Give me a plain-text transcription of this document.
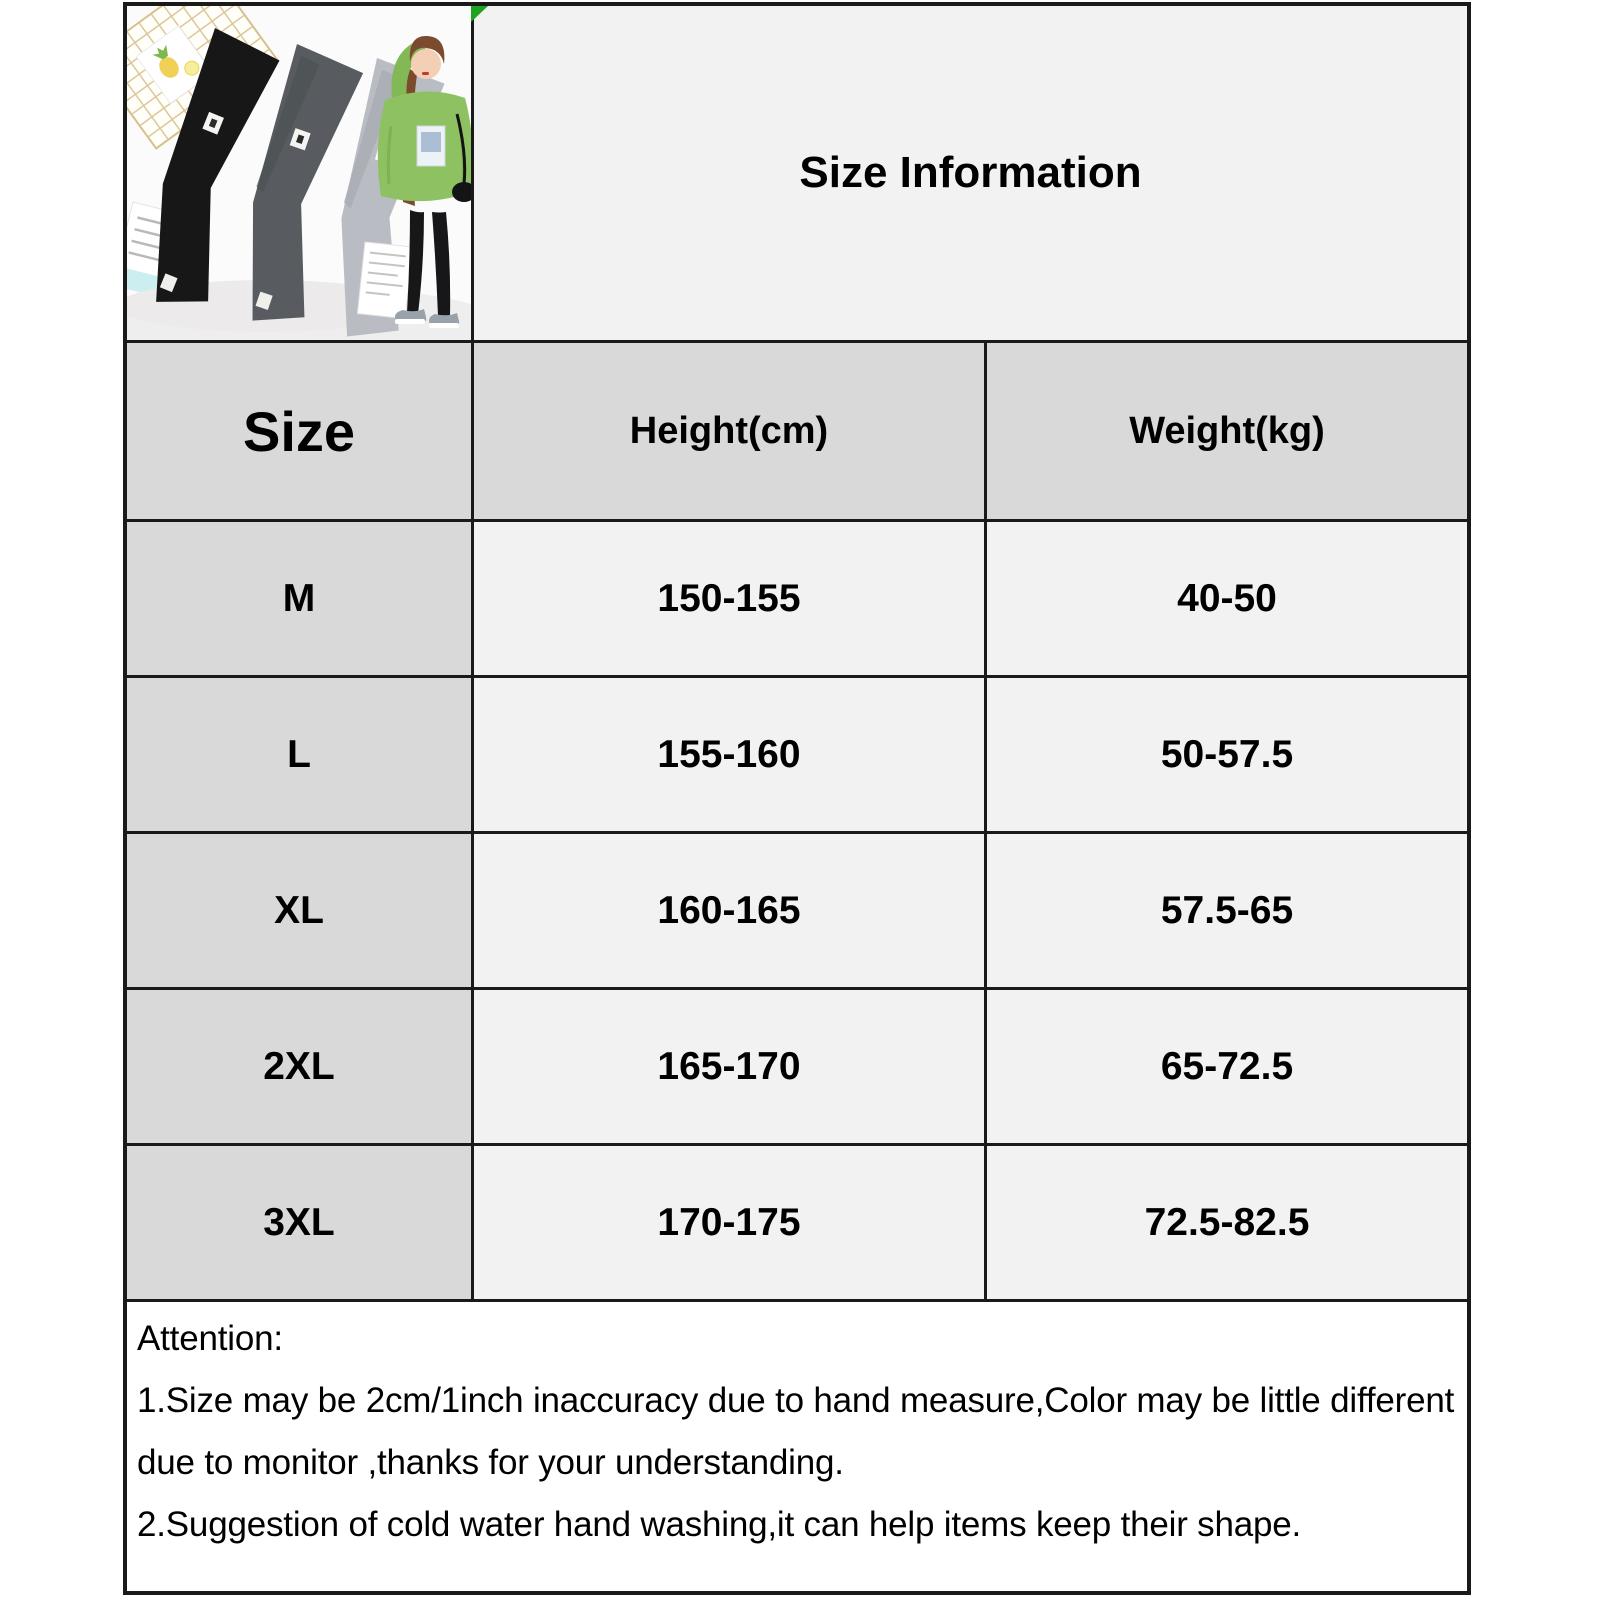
Size Information
Size	Height(cm)	Weight(kg)
M	150-155	40-50
L	155-160	50-57.5
XL	160-165	57.5-65
2XL	165-170	65-72.5
3XL	170-175	72.5-82.5

Attention:

1.Size may be 2cm/1inch inaccuracy due to hand measure,Color may be little different due to monitor ,thanks for your understanding.

2.Suggestion of cold water hand washing,it can help items keep their shape.
